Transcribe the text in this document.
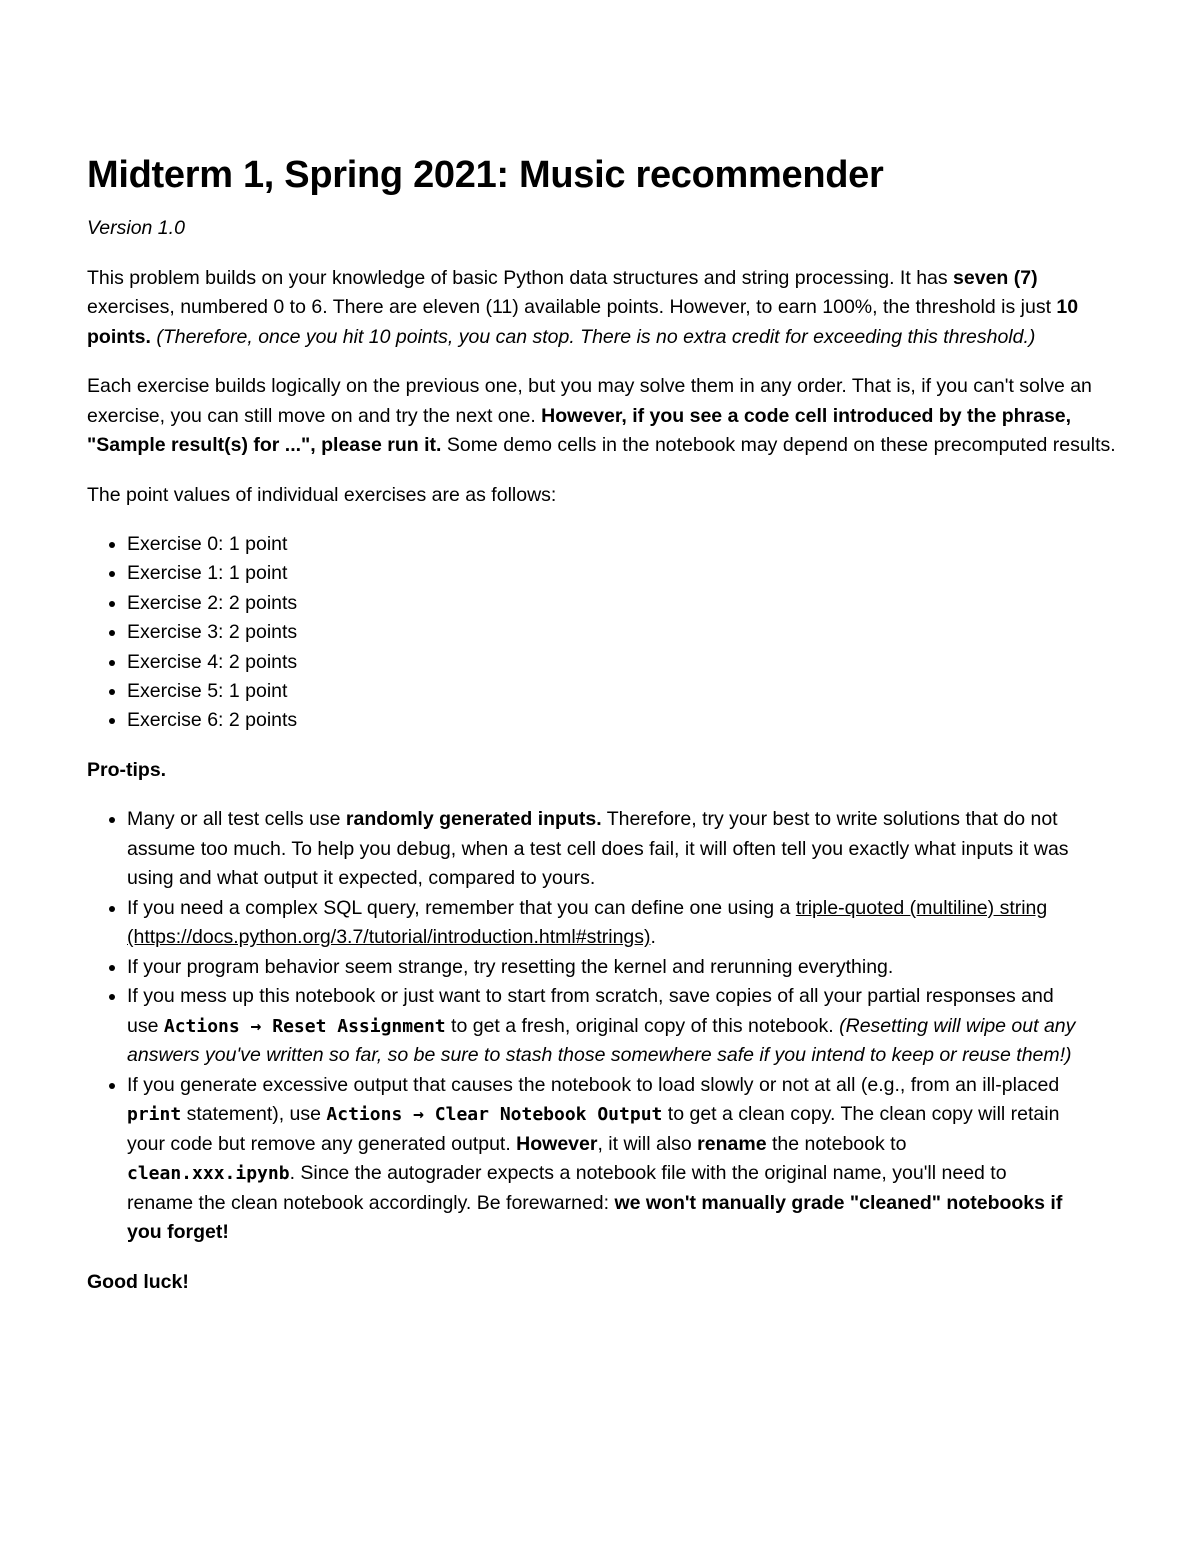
Midterm 1, Spring 2021: Music recommender

Version 1.0

This problem builds on your knowledge of basic Python data structures and string processing. It has seven (7) exercises, numbered 0 to 6. There are eleven (11) available points. However, to earn 100%, the threshold is just 10 points. (Therefore, once you hit 10 points, you can stop. There is no extra credit for exceeding this threshold.)

Each exercise builds logically on the previous one, but you may solve them in any order. That is, if you can't solve an exercise, you can still move on and try the next one. However, if you see a code cell introduced by the phrase, "Sample result(s) for ...", please run it. Some demo cells in the notebook may depend on these precomputed results.

The point values of individual exercises are as follows:

• Exercise 0: 1 point
• Exercise 1: 1 point
• Exercise 2: 2 points
• Exercise 3: 2 points
• Exercise 4: 2 points
• Exercise 5: 1 point
• Exercise 6: 2 points

Pro-tips.

• Many or all test cells use randomly generated inputs. Therefore, try your best to write solutions that do not assume too much. To help you debug, when a test cell does fail, it will often tell you exactly what inputs it was using and what output it expected, compared to yours.
• If you need a complex SQL query, remember that you can define one using a triple-quoted (multiline) string (https://docs.python.org/3.7/tutorial/introduction.html#strings).
• If your program behavior seem strange, try resetting the kernel and rerunning everything.
• If you mess up this notebook or just want to start from scratch, save copies of all your partial responses and use Actions → Reset Assignment to get a fresh, original copy of this notebook. (Resetting will wipe out any answers you've written so far, so be sure to stash those somewhere safe if you intend to keep or reuse them!)
• If you generate excessive output that causes the notebook to load slowly or not at all (e.g., from an ill-placed print statement), use Actions → Clear Notebook Output to get a clean copy. The clean copy will retain your code but remove any generated output. However, it will also rename the notebook to clean.xxx.ipynb. Since the autograder expects a notebook file with the original name, you'll need to rename the clean notebook accordingly. Be forewarned: we won't manually grade "cleaned" notebooks if you forget!

Good luck!
